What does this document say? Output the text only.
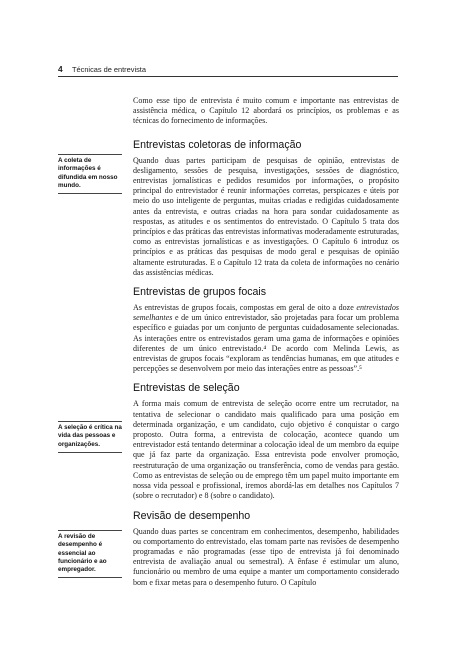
4 Técnicas de entrevista
A coleta de informações é difundida em nosso mundo.
A seleção é crítica na vida das pessoas e organizações.
A revisão de desempenho é essencial ao funcionário e ao empregador.

Como esse tipo de entrevista é muito comum e importante nas entrevistas de assistência médica, o Capítulo 12 abordará os princípios, os problemas e as técnicas do fornecimento de informações.

Entrevistas coletoras de informação

Quando duas partes participam de pesquisas de opinião, entrevistas de desligamento, sessões de pesquisa, investigações, sessões de diagnóstico, entrevistas jornalísticas e pedidos resumidos por informações, o propósito principal do entrevistador é reunir informações corretas, perspicazes e úteis por meio do uso inteligente de perguntas, muitas criadas e redigidas cuidadosamente antes da entrevista, e outras criadas na hora para sondar cuidadosamente as respostas, as atitudes e os sentimentos do entrevistado. O Capítulo 5 trata dos princípios e das práticas das entrevistas informativas moderadamente estruturadas, como as entrevistas jornalísticas e as investigações. O Capítulo 6 introduz os princípios e as práticas das pesquisas de modo geral e pesquisas de opinião altamente estruturadas. E o Capítulo 12 trata da coleta de informações no cenário das assistências médicas.

Entrevistas de grupos focais

As entrevistas de grupos focais, compostas em geral de oito a doze entrevistados semelhantes e de um único entrevistador, são projetadas para focar um problema específico e guiadas por um conjunto de perguntas cuidadosamente selecionadas. As interações entre os entrevistados geram uma gama de informações e opiniões diferentes de um único entrevistado.⁴ De acordo com Melinda Lewis, as entrevistas de grupos focais “exploram as tendências humanas, em que atitudes e percepções se desenvolvem por meio das interações entre as pessoas”.⁵

Entrevistas de seleção

A forma mais comum de entrevista de seleção ocorre entre um recrutador, na tentativa de selecionar o candidato mais qualificado para uma posição em determinada organização, e um candidato, cujo objetivo é conquistar o cargo proposto. Outra forma, a entrevista de colocação, acontece quando um entrevistador está tentando determinar a colocação ideal de um membro da equipe que já faz parte da organização. Essa entrevista pode envolver promoção, reestruturação de uma organização ou transferência, como de vendas para gestão. Como as entrevistas de seleção ou de emprego têm um papel muito importante em nossa vida pessoal e profissional, iremos abordá-las em detalhes nos Capítulos 7 (sobre o recrutador) e 8 (sobre o candidato).

Revisão de desempenho

Quando duas partes se concentram em conhecimentos, desempenho, habilidades ou comportamento do entrevistado, elas tomam parte nas revisões de desempenho programadas e não programadas (esse tipo de entrevista já foi denominado entrevista de avaliação anual ou semestral). A ênfase é estimular um aluno, funcionário ou membro de uma equipe a manter um comportamento considerado bom e fixar metas para o desempenho futuro. O Capítulo
